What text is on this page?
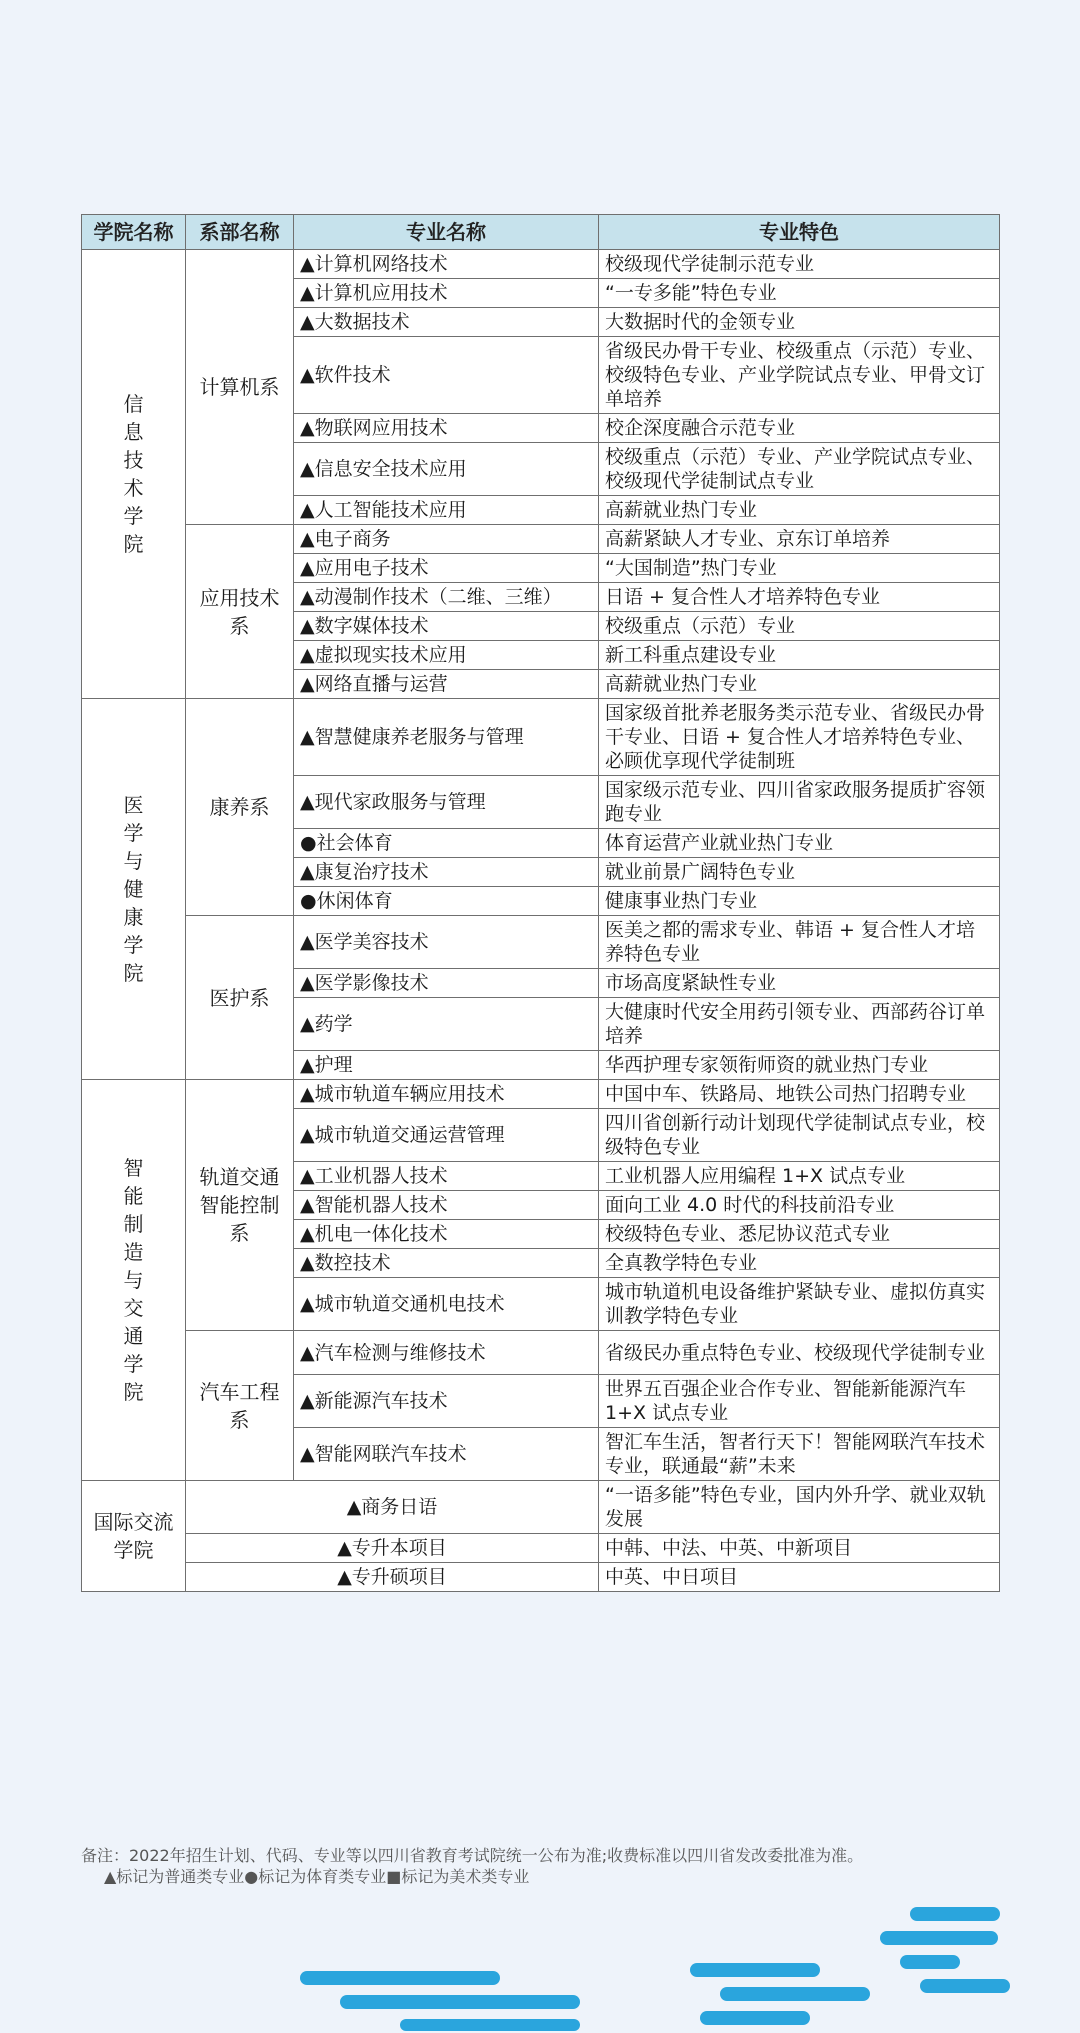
学院名称	系部名称	专业名称	专业特色
信息技术学院	计算机系	▲计算机网络技术	校级现代学徒制示范专业
		▲计算机应用技术	“一专多能”特色专业
		▲大数据技术	大数据时代的金领专业
		▲软件技术	省级民办骨干专业、校级重点（示范）专业、校级特色专业、产业学院试点专业、甲骨文订单培养
		▲物联网应用技术	校企深度融合示范专业
		▲信息安全技术应用	校级重点（示范）专业、产业学院试点专业、校级现代学徒制试点专业
		▲人工智能技术应用	高薪就业热门专业
	应用技术系	▲电子商务	高薪紧缺人才专业、京东订单培养
		▲应用电子技术	“大国制造”热门专业
		▲动漫制作技术（二维、三维）	日语 + 复合性人才培养特色专业
		▲数字媒体技术	校级重点（示范）专业
		▲虚拟现实技术应用	新工科重点建设专业
		▲网络直播与运营	高薪就业热门专业
医学与健康学院	康养系	▲智慧健康养老服务与管理	国家级首批养老服务类示范专业、省级民办骨干专业、日语 + 复合性人才培养特色专业、必顾优享现代学徒制班
		▲现代家政服务与管理	国家级示范专业、四川省家政服务提质扩容领跑专业
		●社会体育	体育运营产业就业热门专业
		▲康复治疗技术	就业前景广阔特色专业
		●休闲体育	健康事业热门专业
	医护系	▲医学美容技术	医美之都的需求专业、韩语 + 复合性人才培养特色专业
		▲医学影像技术	市场高度紧缺性专业
		▲药学	大健康时代安全用药引领专业、西部药谷订单培养
		▲护理	华西护理专家领衔师资的就业热门专业
智能制造与交通学院	轨道交通智能控制系	▲城市轨道车辆应用技术	中国中车、铁路局、地铁公司热门招聘专业
		▲城市轨道交通运营管理	四川省创新行动计划现代学徒制试点专业，校级特色专业
		▲工业机器人技术	工业机器人应用编程 1+X 试点专业
		▲智能机器人技术	面向工业 4.0 时代的科技前沿专业
		▲机电一体化技术	校级特色专业、悉尼协议范式专业
		▲数控技术	全真教学特色专业
		▲城市轨道交通机电技术	城市轨道机电设备维护紧缺专业、虚拟仿真实训教学特色专业
	汽车工程系	▲汽车检测与维修技术	省级民办重点特色专业、校级现代学徒制专业
		▲新能源汽车技术	世界五百强企业合作专业、智能新能源汽车 1+X 试点专业
		▲智能网联汽车技术	智汇车生活，智者行天下！智能网联汽车技术专业，联通最“薪”未来
国际交流学院	▲商务日语		“一语多能”特色专业，国内外升学、就业双轨发展
	▲专升本项目		中韩、中法、中英、中新项目
	▲专升硕项目		中英、中日项目
备注：2022年招生计划、代码、专业等以四川省教育考试院统一公布为准;收费标准以四川省发改委批准为准。
▲标记为普通类专业●标记为体育类专业■标记为美术类专业
